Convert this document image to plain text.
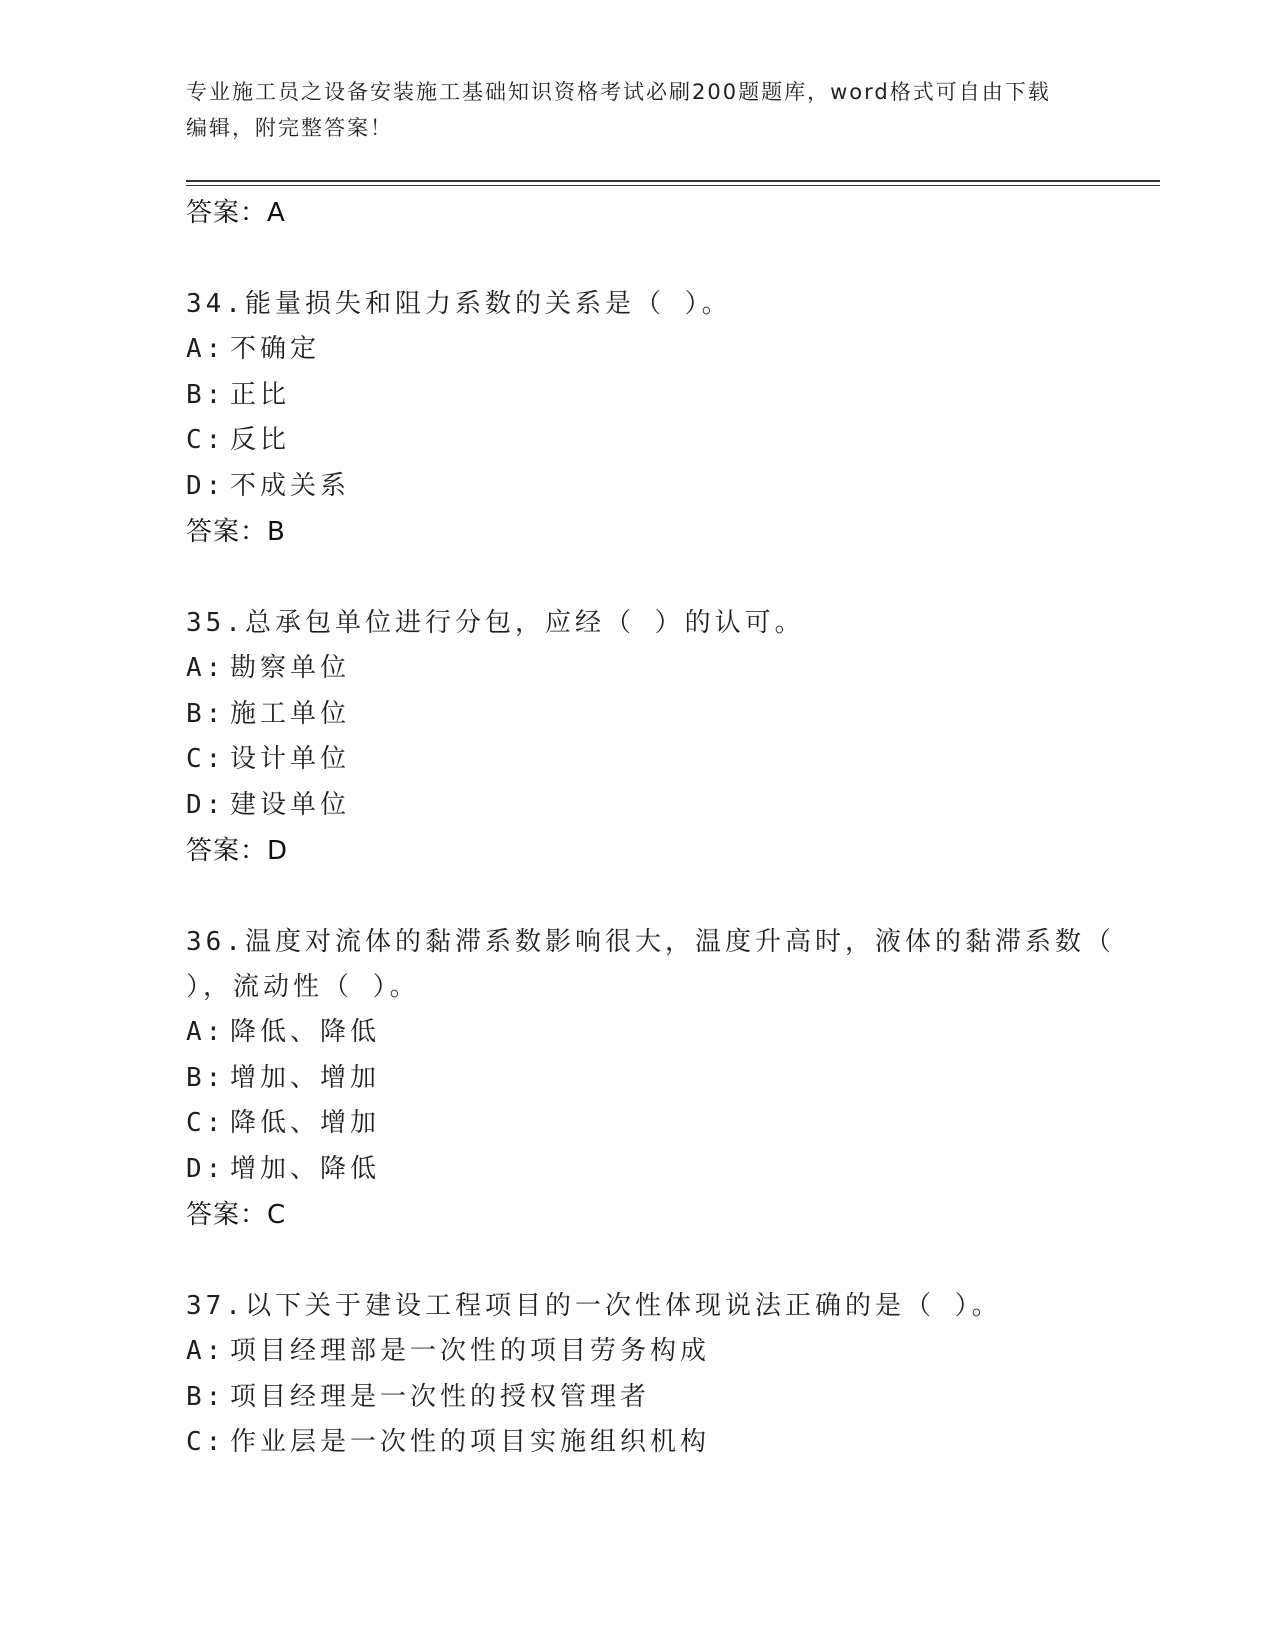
专业施工员之设备安装施工基础知识资格考试必刷200题题库，word格式可自由下载编辑，附完整答案！
答案：A
34.能量损失和阻力系数的关系是（ ）。
A: 不确定
B: 正比
C: 反比
D: 不成关系
答案：B
35.总承包单位进行分包，应经（ ）的认可。
A: 勘察单位
B: 施工单位
C: 设计单位
D: 建设单位
答案：D
36.温度对流体的黏滞系数影响很大，温度升高时，液体的黏滞系数（ ），流动性（ ）。
A: 降低、降低
B: 增加、增加
C: 降低、增加
D: 增加、降低
答案：C
37.以下关于建设工程项目的一次性体现说法正确的是（ ）。
A: 项目经理部是一次性的项目劳务构成
B: 项目经理是一次性的授权管理者
C: 作业层是一次性的项目实施组织机构
